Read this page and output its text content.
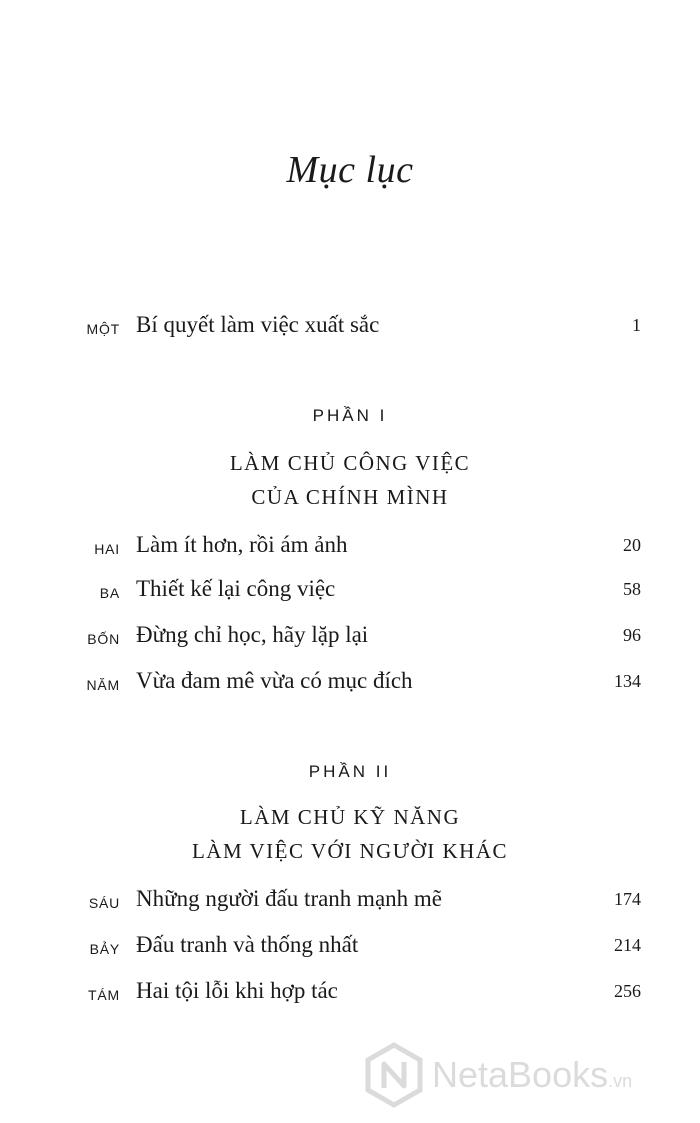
Mục lục
MỘT Bí quyết làm việc xuất sắc	1
PHẦN I
LÀM CHỦ CÔNG VIỆC
CỦA CHÍNH MÌNH
HAI Làm ít hơn, rồi ám ảnh	20
BA Thiết kế lại công việc	58
BỐN Đừng chỉ học, hãy lặp lại	96
NĂM Vừa đam mê vừa có mục đích	134
PHẦN II
LÀM CHỦ KỸ NĂNG
LÀM VIỆC VỚI NGƯỜI KHÁC
SÁU Những người đấu tranh mạnh mẽ	174
BẢY Đấu tranh và thống nhất	214
TÁM Hai tội lỗi khi hợp tác	256
NetaBooks.vn
